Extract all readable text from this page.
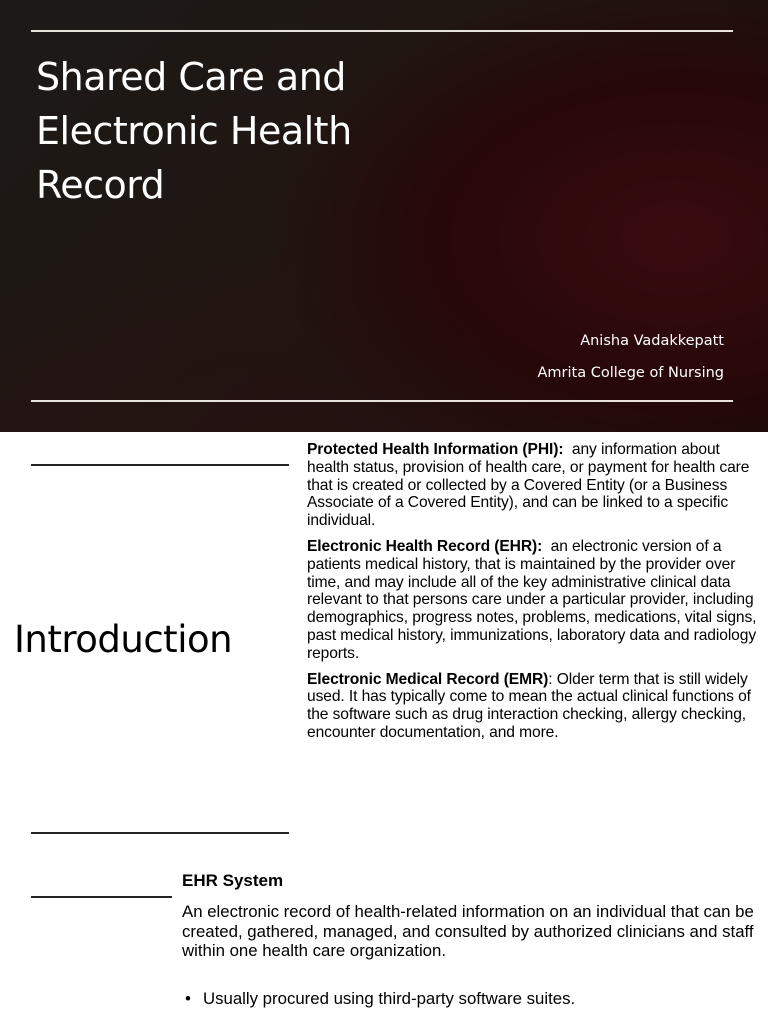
Shared Care and
Electronic Health
Record
Anisha Vadakkepatt
Amrita College of Nursing
Introduction

Protected Health Information (PHI): any information about health status, provision of health care, or payment for health care that is created or collected by a Covered Entity (or a Business Associate of a Covered Entity), and can be linked to a specific individual.

Electronic Health Record (EHR): an electronic version of a patients medical history, that is maintained by the provider over time, and may include all of the key administrative clinical data relevant to that persons care under a particular provider, including demographics, progress notes, problems, medications, vital signs, past medical history, immunizations, laboratory data and radiology reports.

Electronic Medical Record (EMR): Older term that is still widely used. It has typically come to mean the actual clinical functions of the software such as drug interaction checking, allergy checking, encounter documentation, and more.

EHR System
An electronic record of health-related information on an individual that can be created, gathered, managed, and consulted by authorized clinicians and staff within one health care organization.
• Usually procured using third-party software suites.
